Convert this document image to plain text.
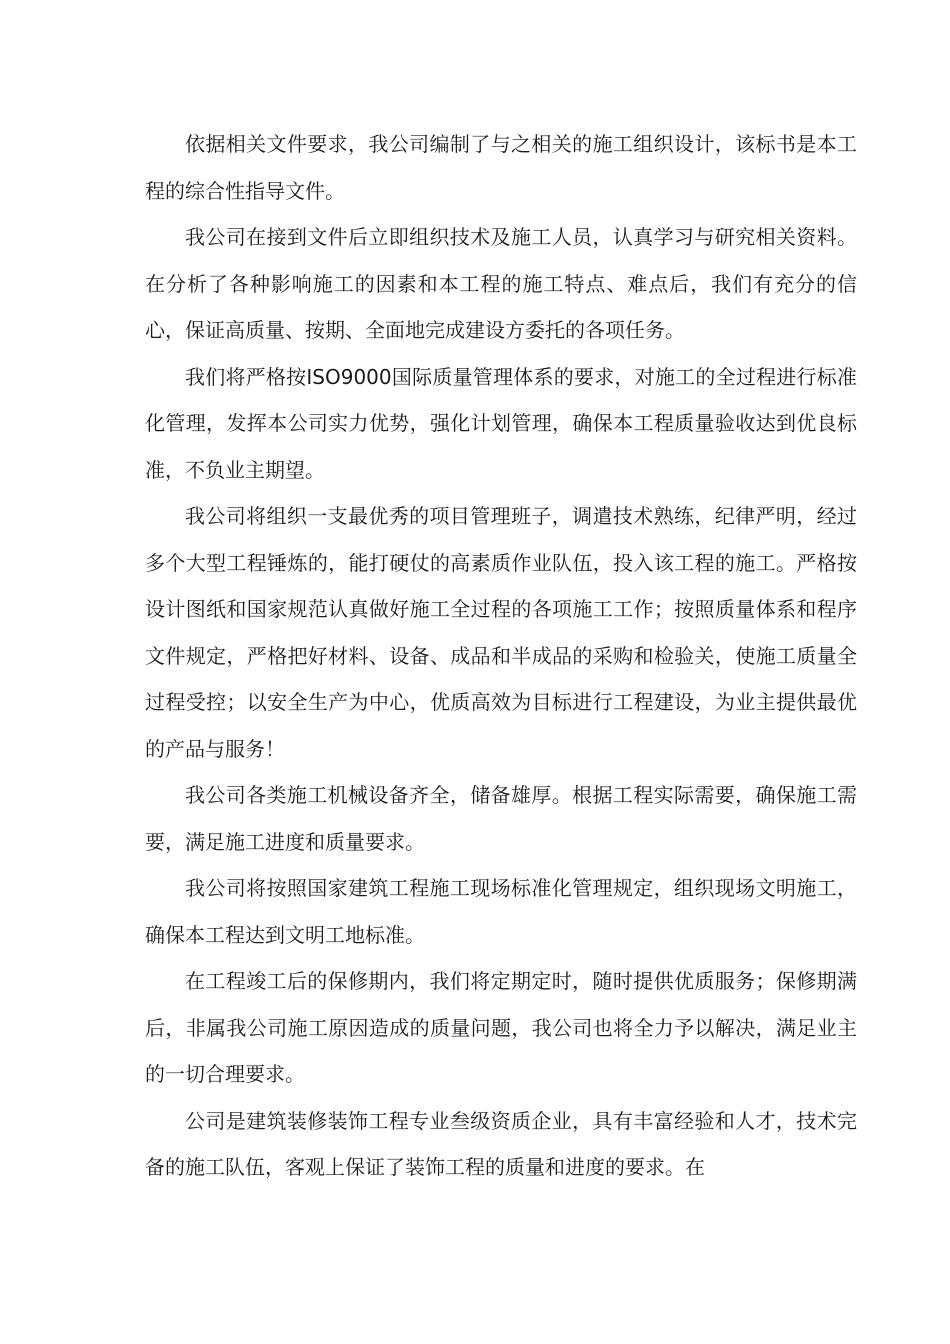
依据相关文件要求，我公司编制了与之相关的施工组织设计，该标书是本工程的综合性指导文件。

我公司在接到文件后立即组织技术及施工人员，认真学习与研究相关资料。在分析了各种影响施工的因素和本工程的施工特点、难点后，我们有充分的信心，保证高质量、按期、全面地完成建设方委托的各项任务。

我们将严格按ISO9000国际质量管理体系的要求，对施工的全过程进行标准化管理，发挥本公司实力优势，强化计划管理，确保本工程质量验收达到优良标准，不负业主期望。

我公司将组织一支最优秀的项目管理班子，调遣技术熟练，纪律严明，经过多个大型工程锤炼的，能打硬仗的高素质作业队伍，投入该工程的施工。严格按设计图纸和国家规范认真做好施工全过程的各项施工工作；按照质量体系和程序文件规定，严格把好材料、设备、成品和半成品的采购和检验关，使施工质量全过程受控；以安全生产为中心，优质高效为目标进行工程建设，为业主提供最优的产品与服务！

我公司各类施工机械设备齐全，储备雄厚。根据工程实际需要，确保施工需要，满足施工进度和质量要求。

我公司将按照国家建筑工程施工现场标准化管理规定，组织现场文明施工，确保本工程达到文明工地标准。

在工程竣工后的保修期内，我们将定期定时，随时提供优质服务；保修期满后，非属我公司施工原因造成的质量问题，我公司也将全力予以解决，满足业主的一切合理要求。

公司是建筑装修装饰工程专业叁级资质企业，具有丰富经验和人才，技术完备的施工队伍，客观上保证了装饰工程的质量和进度的要求。在
